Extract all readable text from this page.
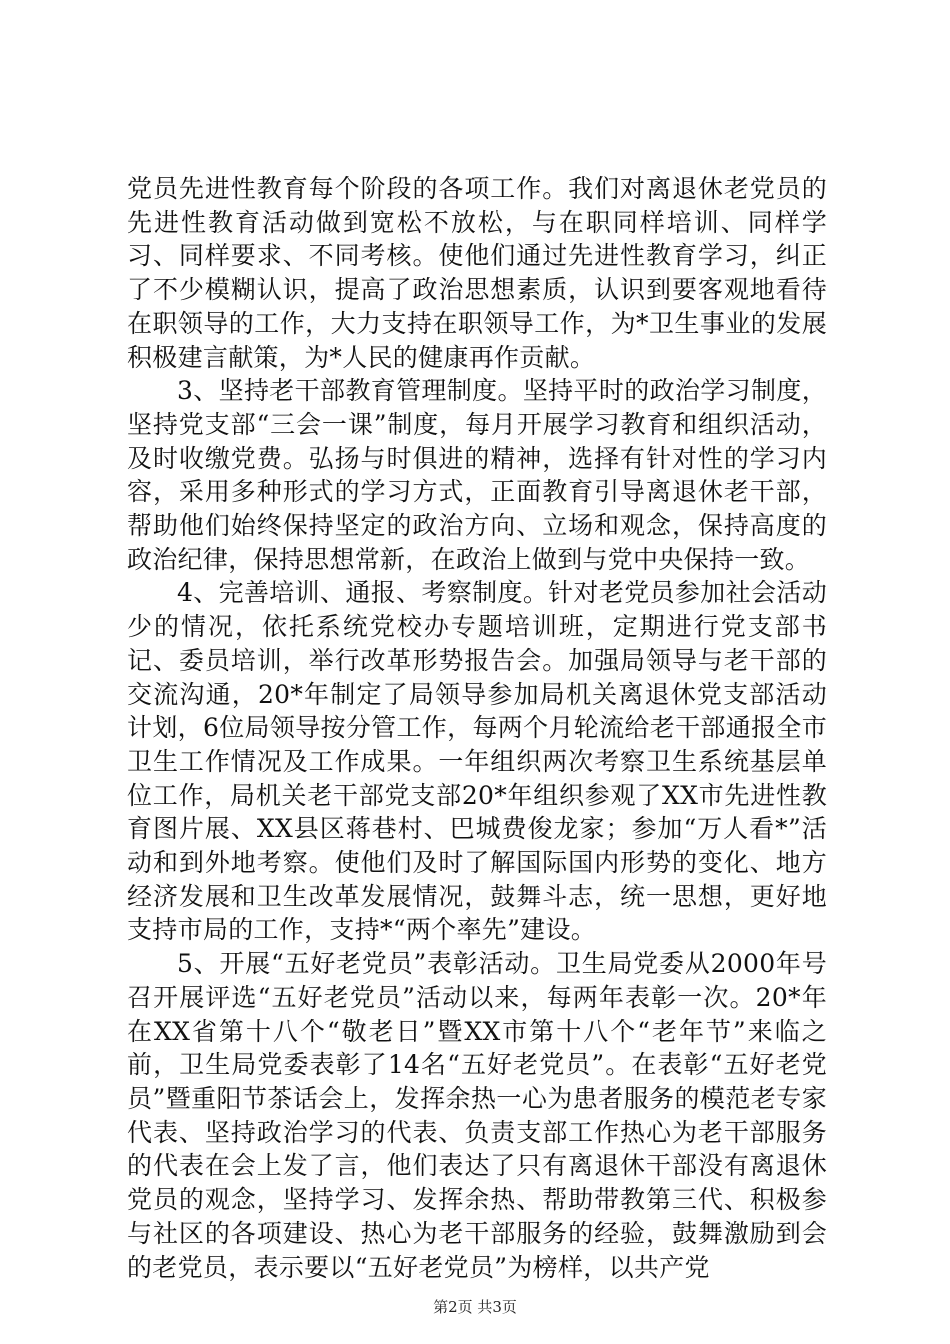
党员先进性教育每个阶段的各项工作。我们对离退休老党员的先进性教育活动做到宽松不放松，与在职同样培训、同样学习、同样要求、不同考核。使他们通过先进性教育学习，纠正了不少模糊认识，提高了政治思想素质，认识到要客观地看待在职领导的工作，大力支持在职领导工作，为*卫生事业的发展积极建言献策，为*人民的健康再作贡献。

3、坚持老干部教育管理制度。坚持平时的政治学习制度，坚持党支部“三会一课”制度，每月开展学习教育和组织活动，及时收缴党费。弘扬与时俱进的精神，选择有针对性的学习内容，采用多种形式的学习方式，正面教育引导离退休老干部，帮助他们始终保持坚定的政治方向、立场和观念，保持高度的政治纪律，保持思想常新，在政治上做到与党中央保持一致。

4、完善培训、通报、考察制度。针对老党员参加社会活动少的情况，依托系统党校办专题培训班，定期进行党支部书记、委员培训，举行改革形势报告会。加强局领导与老干部的交流沟通，20*年制定了局领导参加局机关离退休党支部活动计划，6位局领导按分管工作，每两个月轮流给老干部通报全市卫生工作情况及工作成果。一年组织两次考察卫生系统基层单位工作，局机关老干部党支部20*年组织参观了XX市先进性教育图片展、XX县区蒋巷村、巴城费俊龙家；参加“万人看*”活动和到外地考察。使他们及时了解国际国内形势的变化、地方经济发展和卫生改革发展情况，鼓舞斗志，统一思想，更好地支持市局的工作，支持*“两个率先”建设。

5、开展“五好老党员”表彰活动。卫生局党委从2000年号召开展评选“五好老党员”活动以来，每两年表彰一次。20*年在XX省第十八个“敬老日”暨XX市第十八个“老年节”来临之前，卫生局党委表彰了14名“五好老党员”。在表彰“五好老党员”暨重阳节茶话会上，发挥余热一心为患者服务的模范老专家代表、坚持政治学习的代表、负责支部工作热心为老干部服务的代表在会上发了言，他们表达了只有离退休干部没有离退休党员的观念，坚持学习、发挥余热、帮助带教第三代、积极参与社区的各项建设、热心为老干部服务的经验，鼓舞激励到会的老党员，表示要以“五好老党员”为榜样，以共产党

第2页 共3页
